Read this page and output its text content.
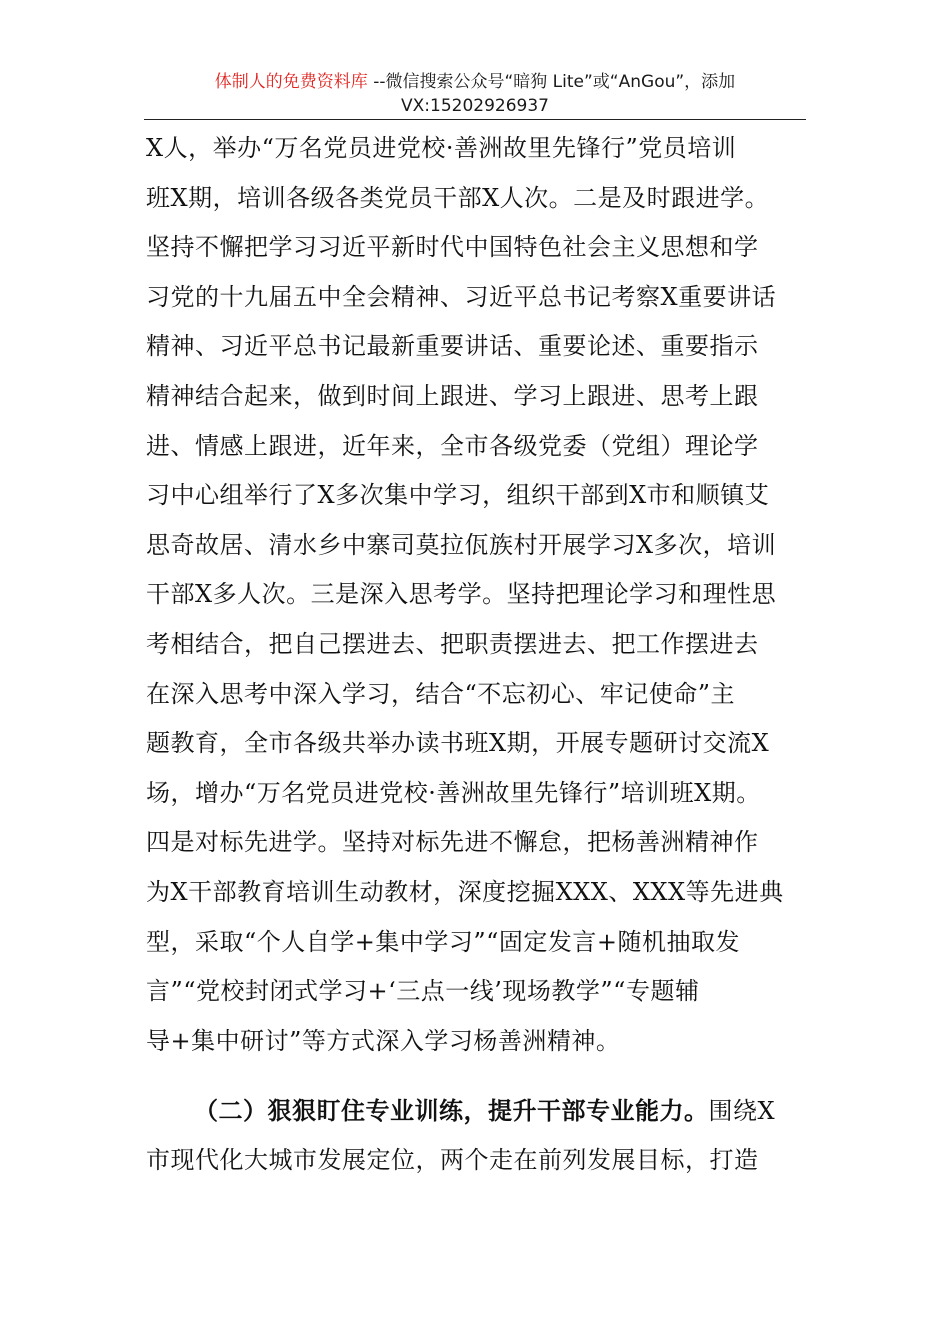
体制人的免费资料库 --微信搜索公众号“暗狗 Lite”或“AnGou”，添加
VX:15202926937
X人，举办“万名党员进党校·善洲故里先锋行”党员培训
班X期，培训各级各类党员干部X人次。二是及时跟进学。
坚持不懈把学习习近平新时代中国特色社会主义思想和学
习党的十九届五中全会精神、习近平总书记考察X重要讲话
精神、习近平总书记最新重要讲话、重要论述、重要指示
精神结合起来，做到时间上跟进、学习上跟进、思考上跟
进、情感上跟进，近年来，全市各级党委（党组）理论学
习中心组举行了X多次集中学习，组织干部到X市和顺镇艾
思奇故居、清水乡中寨司莫拉佤族村开展学习X多次，培训
干部X多人次。三是深入思考学。坚持把理论学习和理性思
考相结合，把自己摆进去、把职责摆进去、把工作摆进去
在深入思考中深入学习，结合“不忘初心、牢记使命”主
题教育，全市各级共举办读书班X期，开展专题研讨交流X
场，增办“万名党员进党校·善洲故里先锋行”培训班X期。
四是对标先进学。坚持对标先进不懈怠，把杨善洲精神作
为X干部教育培训生动教材，深度挖掘XXX、XXX等先进典
型，采取“个人自学+集中学习”“固定发言+随机抽取发
言”“党校封闭式学习+‘三点一线’现场教学”“专题辅
导+集中研讨”等方式深入学习杨善洲精神。
（二）狠狠盯住专业训练，提升干部专业能力。围绕X
市现代化大城市发展定位，两个走在前列发展目标，打造
